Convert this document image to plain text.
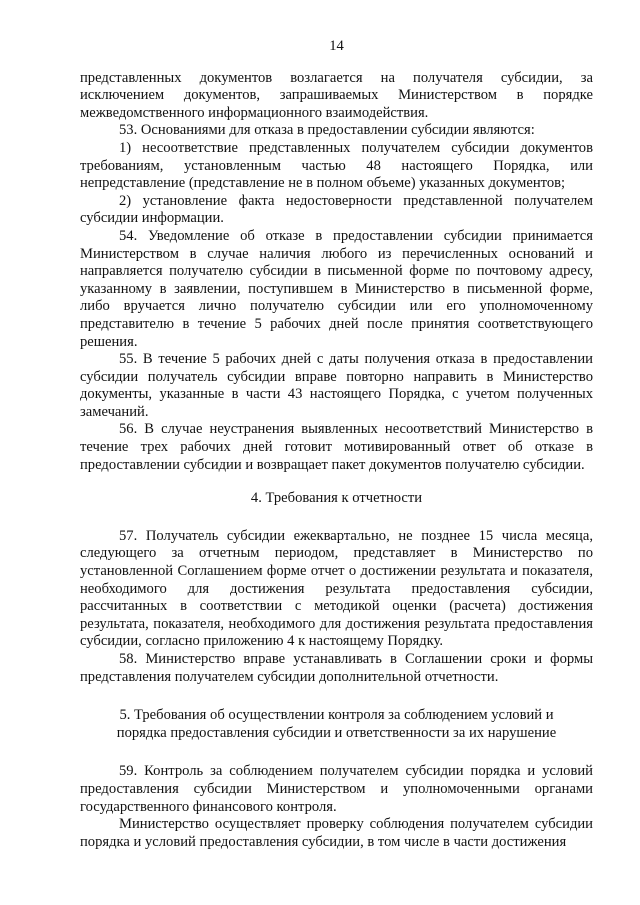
14

представленных документов возлагается на получателя субсидии, за исключением документов, запрашиваемых Министерством в порядке межведомственного информационного взаимодействия.

53. Основаниями для отказа в предоставлении субсидии являются:

1) несоответствие представленных получателем субсидии документов требованиям, установленным частью 48 настоящего Порядка, или непредставление (представление не в полном объеме) указанных документов;

2) установление факта недостоверности представленной получателем субсидии информации.

54. Уведомление об отказе в предоставлении субсидии принимается Министерством в случае наличия любого из перечисленных оснований и направляется получателю субсидии в письменной форме по почтовому адресу, указанному в заявлении, поступившем в Министерство в письменной форме, либо вручается лично получателю субсидии или его уполномоченному представителю в течение 5 рабочих дней после принятия соответствующего решения.

55. В течение 5 рабочих дней с даты получения отказа в предоставлении субсидии получатель субсидии вправе повторно направить в Министерство документы, указанные в части 43 настоящего Порядка, с учетом полученных замечаний.

56. В случае неустранения выявленных несоответствий Министерство в течение трех рабочих дней готовит мотивированный ответ об отказе в предоставлении субсидии и возвращает пакет документов получателю субсидии.

4. Требования к отчетности

57. Получатель субсидии ежеквартально, не позднее 15 числа месяца, следующего за отчетным периодом, представляет в Министерство по установленной Соглашением форме отчет о достижении результата и показателя, необходимого для достижения результата предоставления субсидии, рассчитанных в соответствии с методикой оценки (расчета) достижения результата, показателя, необходимого для достижения результата предоставления субсидии, согласно приложению 4 к настоящему Порядку.

58. Министерство вправе устанавливать в Соглашении сроки и формы представления получателем субсидии дополнительной отчетности.

5. Требования об осуществлении контроля за соблюдением условий и
порядка предоставления субсидии и ответственности за их нарушение

59. Контроль за соблюдением получателем субсидии порядка и условий предоставления субсидии Министерством и уполномоченными органами государственного финансового контроля.

Министерство осуществляет проверку соблюдения получателем субсидии порядка и условий предоставления субсидии, в том числе в части достижения
